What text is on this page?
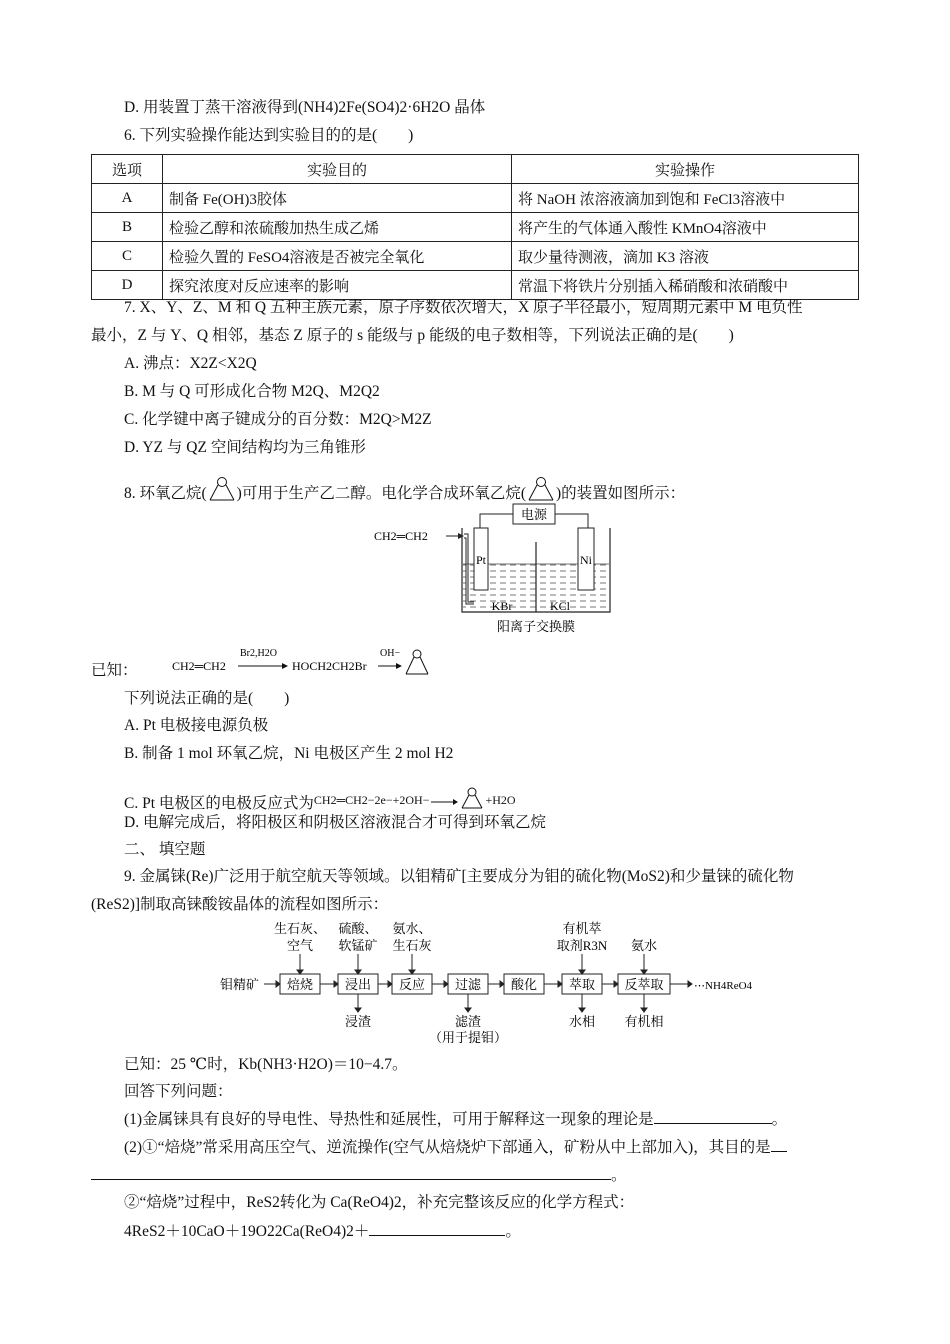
D. 用装置丁蒸干溶液得到(NH4)2Fe(SO4)2·6H2O 晶体
6. 下列实验操作能达到实验目的的是(　　)
选项	实验目的	实验操作
A	制备 Fe(OH)3胶体	将 NaOH 浓溶液滴加到饱和 FeCl3溶液中
B	检验乙醇和浓硫酸加热生成乙烯	将产生的气体通入酸性 KMnO4溶液中
C	检验久置的 FeSO4溶液是否被完全氧化	取少量待测液，滴加 K3 溶液
D	探究浓度对反应速率的影响	常温下将铁片分别插入稀硝酸和浓硝酸中
7. X、Y、Z、M 和 Q 五种主族元素，原子序数依次增大，X 原子半径最小，短周期元素中 M 电负性
最小，Z 与 Y、Q 相邻，基态 Z 原子的 s 能级与 p 能级的电子数相等，下列说法正确的是(　　)
A. 沸点：X2Z<X2Q
B. M 与 Q 可形成化合物 M2Q、M2Q2
C. 化学键中离子键成分的百分数：M2Q>M2Z
D. YZ 与 QZ 空间结构均为三角锥形
8. 环氧乙烷( )可用于生产乙二醇。电化学合成环氧乙烷( )的装置如图所示：
电源
Pt	Ni
CH2═CH2
KBr	KCl
阳离子交换膜
已知：	CH2═CH2
Br2,H2O
HOCH2CH2Br
OH−
下列说法正确的是(　　)
A. Pt 电极接电源负极
B. 制备 1 mol 环氧乙烷，Ni 电极区产生 2 mol H2
C. Pt 电极区的电极反应式为$^{CH2═CH2-2e-+2OH-}$→ $^{+H2O}$
D. 电解完成后，将阳极区和阴极区溶液混合才可得到环氧乙烷
二、 填空题
9. 金属铼(Re)广泛用于航空航天等领域。以钼精矿[主要成分为钼的硫化物(MoS2)和少量铼的硫化物
(ReS2)]制取高铼酸铵晶体的流程如图所示：
钼精矿 焙烧 浸出 反应 过滤 酸化 萃取 反萃取	⋯NH4ReO4
生石灰、
空气
硫酸、
软锰矿
氨水、
生石灰
有机萃
取剂R3N 氨水
浸渣	滤渣
（用于提钼）
水相 有机相
已知：25 ℃时，Kb(NH3·H2O)＝10−4.7。
回答下列问题：
(1)金属铼具有良好的导电性、导热性和延展性，可用于解释这一现象的理论是	。
(2)①“焙烧”常采用高压空气、逆流操作(空气从焙烧炉下部通入，矿粉从中上部加入)，其目的是
。
②“焙烧”过程中，ReS2转化为 Ca(ReO4)2，补充完整该反应的化学方程式：
4ReS2＋10CaO＋19O22Ca(ReO4)2＋	。
